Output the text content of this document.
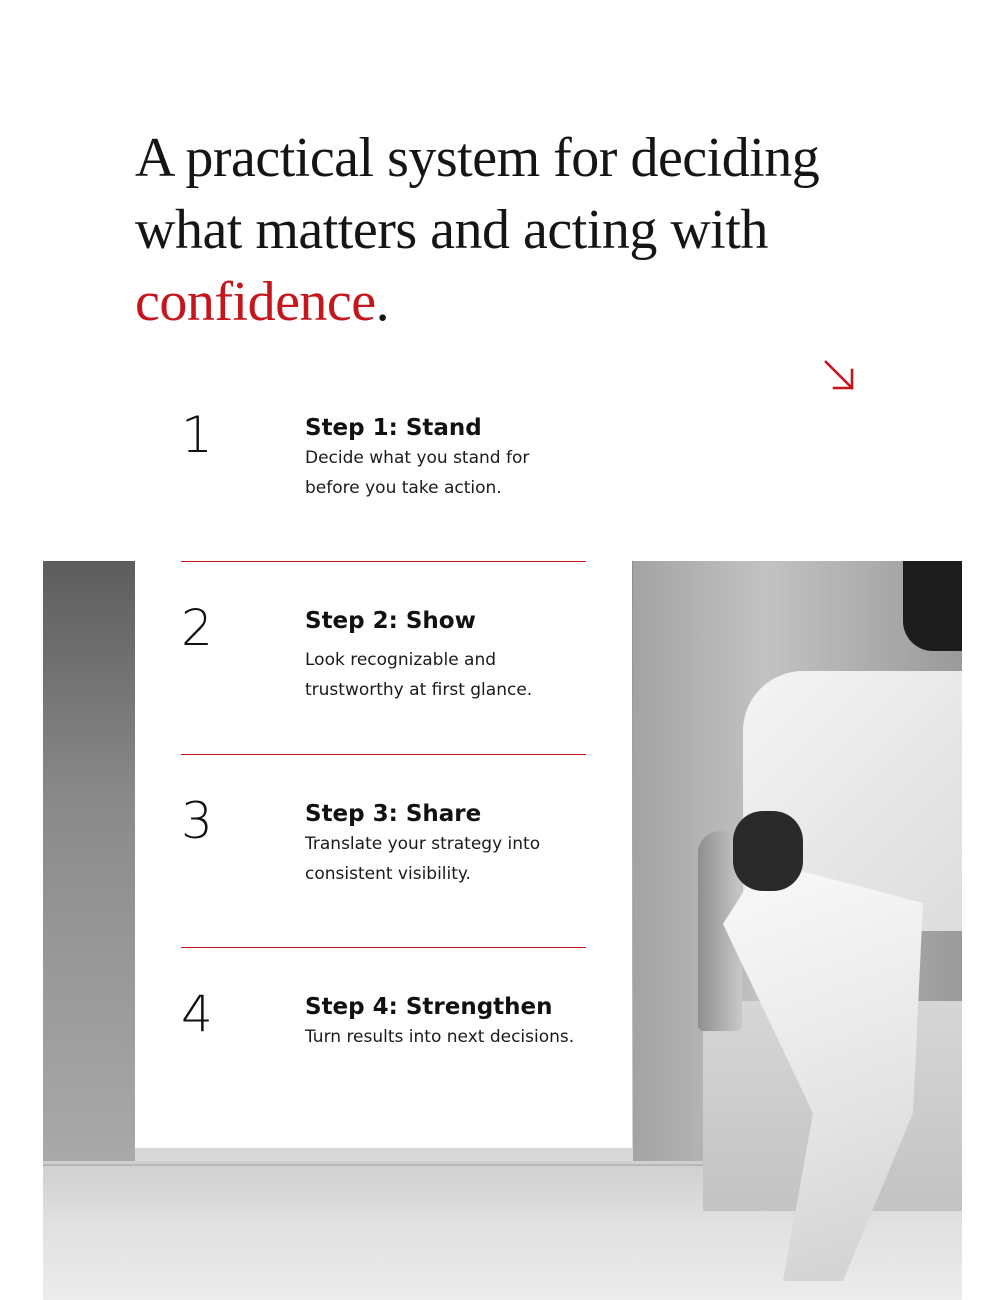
A practical system for deciding
what matters and acting with
confidence.
1	Step 1: Stand
Decide what you stand for before you take action.
2	Step 2: Show
Look recognizable and trustworthy at first glance.
3	Step 3: Share
Translate your strategy into consistent visibility.
4	Step 4: Strengthen
Turn results into next decisions.
